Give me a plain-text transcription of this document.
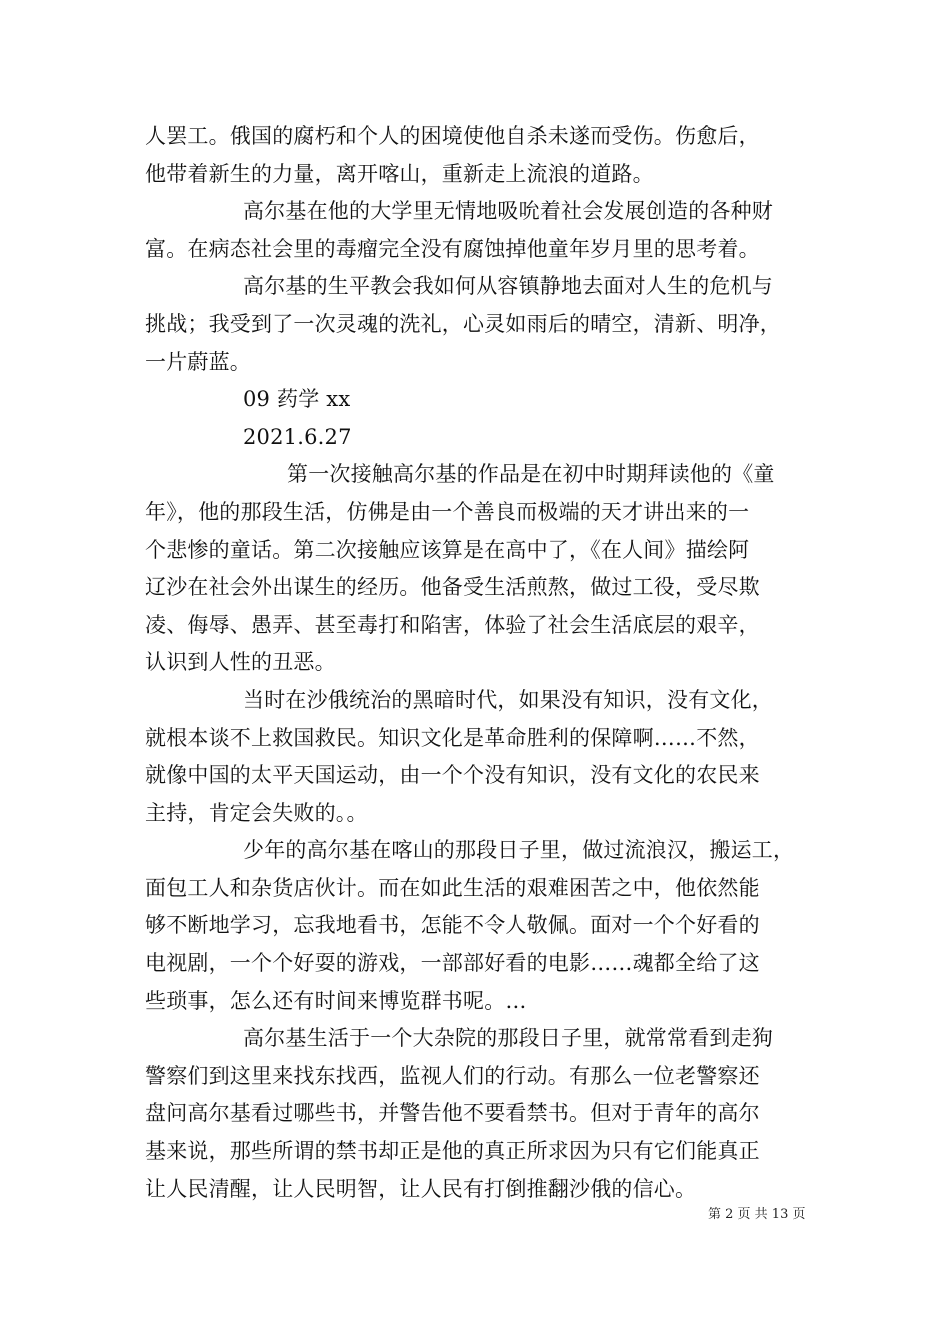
人罢工。俄国的腐朽和个人的困境使他自杀未遂而受伤。伤愈后，
他带着新生的力量，离开喀山，重新走上流浪的道路。
高尔基在他的大学里无情地吸吮着社会发展创造的各种财
富。在病态社会里的毒瘤完全没有腐蚀掉他童年岁月里的思考着。
高尔基的生平教会我如何从容镇静地去面对人生的危机与
挑战；我受到了一次灵魂的洗礼，心灵如雨后的晴空，清新、明净，
一片蔚蓝。
09 药学 xx
2021.6.27
第一次接触高尔基的作品是在初中时期拜读他的《童
年》，他的那段生活，仿佛是由一个善良而极端的天才讲出来的一
个悲惨的童话。第二次接触应该算是在高中了，《在人间》描绘阿
辽沙在社会外出谋生的经历。他备受生活煎熬，做过工役，受尽欺
凌、侮辱、愚弄、甚至毒打和陷害，体验了社会生活底层的艰辛，
认识到人性的丑恶。
当时在沙俄统治的黑暗时代，如果没有知识，没有文化，
就根本谈不上救国救民。知识文化是革命胜利的保障啊……不然，
就像中国的太平天国运动，由一个个没有知识，没有文化的农民来
主持，肯定会失败的。。
少年的高尔基在喀山的那段日子里，做过流浪汉，搬运工，
面包工人和杂货店伙计。而在如此生活的艰难困苦之中，他依然能
够不断地学习，忘我地看书，怎能不令人敬佩。面对一个个好看的
电视剧，一个个好耍的游戏，一部部好看的电影……魂都全给了这
些琐事，怎么还有时间来博览群书呢。…
高尔基生活于一个大杂院的那段日子里，就常常看到走狗
警察们到这里来找东找西，监视人们的行动。有那么一位老警察还
盘问高尔基看过哪些书，并警告他不要看禁书。但对于青年的高尔
基来说，那些所谓的禁书却正是他的真正所求因为只有它们能真正
让人民清醒，让人民明智，让人民有打倒推翻沙俄的信心。
第 2 页 共 13 页
